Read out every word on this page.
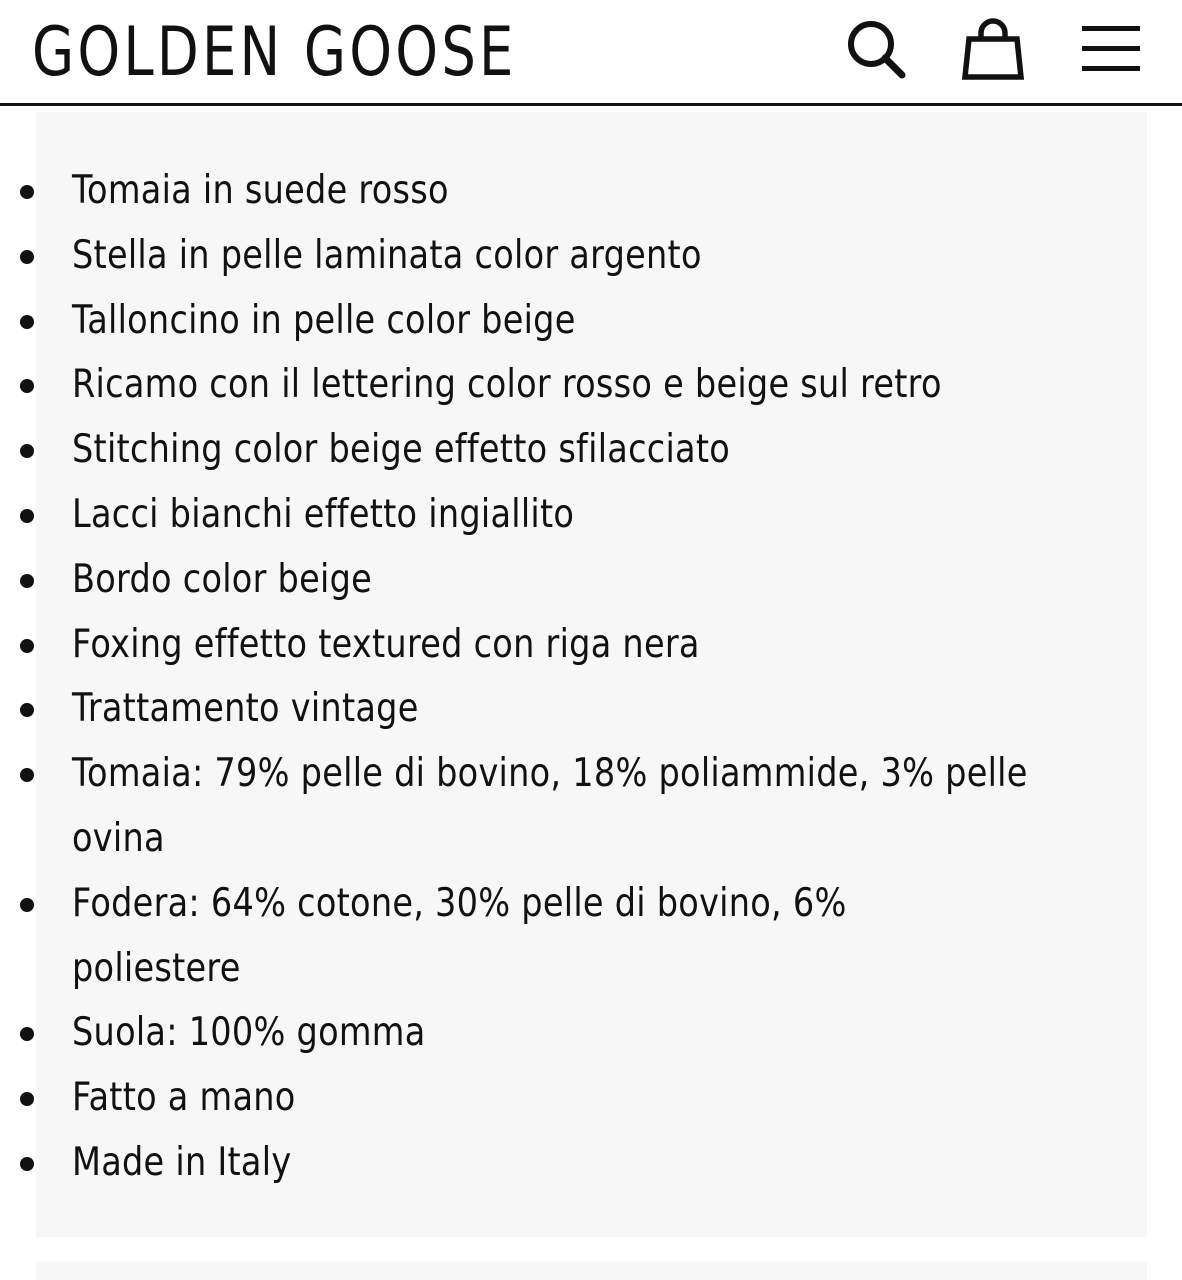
GOLDEN GOOSE
Tomaia in suede rosso
Stella in pelle laminata color argento
Talloncino in pelle color beige
Ricamo con il lettering color rosso e beige sul retro
Stitching color beige effetto sfilacciato
Lacci bianchi effetto ingiallito
Bordo color beige
Foxing effetto textured con riga nera
Trattamento vintage
Tomaia: 79% pelle di bovino, 18% poliammide, 3% pelle ovina
Fodera: 64% cotone, 30% pelle di bovino, 6% poliestere
Suola: 100% gomma
Fatto a mano
Made in Italy
